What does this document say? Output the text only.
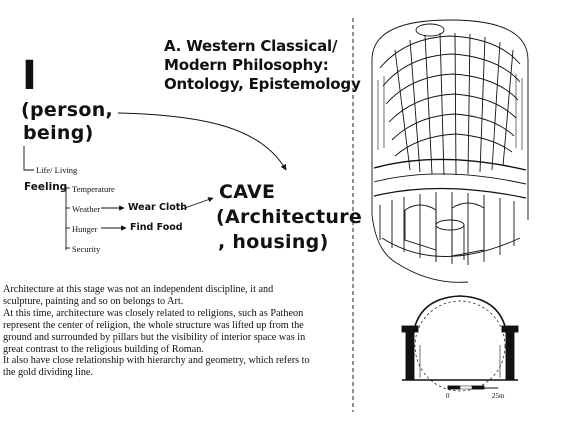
A. Western Classical/
Modern Philosophy:
Ontology, Epistemology
I
(person,
being)
Life/ Living
Feeling Temperature
Weather
Hunger
Security
Wear Cloth
Find Food
CAVE
(Architecture
, housing)

Architecture at this stage was not an independent discipline, it and
sculpture, painting and so on belongs to Art.

At this time, architecture was closely related to religions, such as Patheon
represent the center of religion, the whole structure was lifted up from the
ground and surrounded by pillars but the visibility of interior space was in
great contrast to the religious building of Roman.

It also have close relationship with hierarchy and geometry, which refers to
the gold dividing line.

0	25m
